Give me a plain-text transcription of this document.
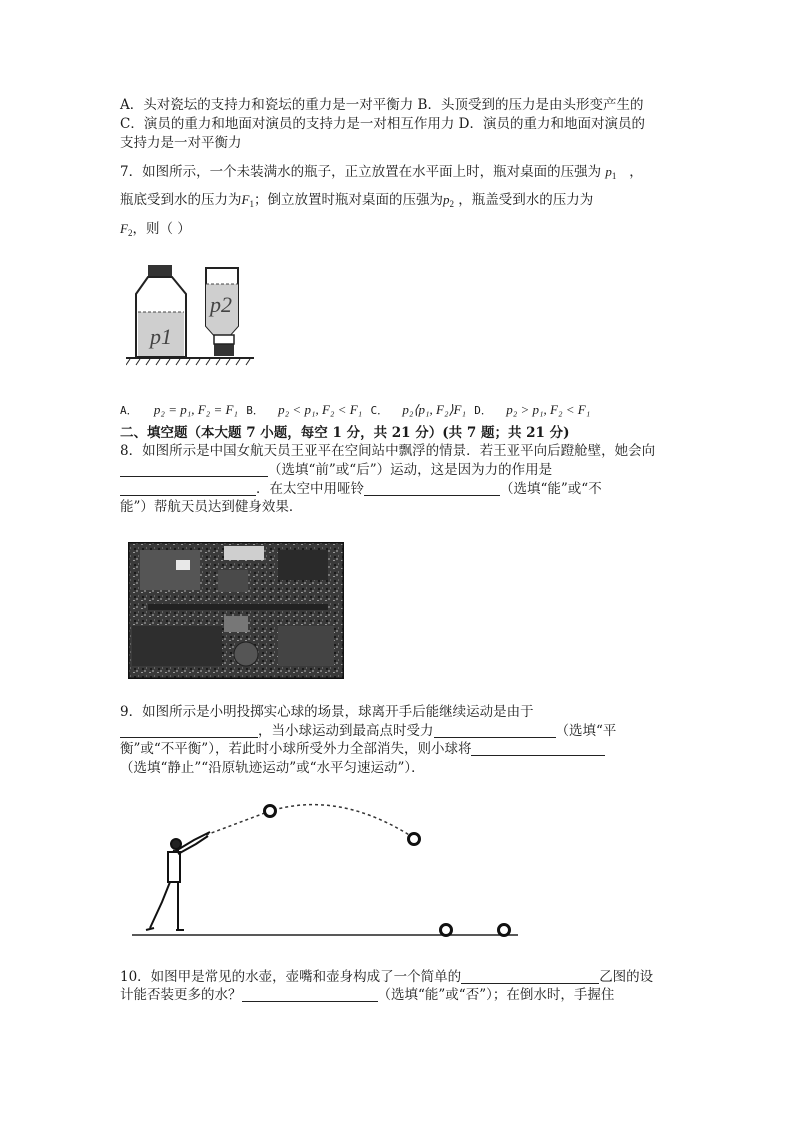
A．头对瓷坛的支持力和瓷坛的重力是一对平衡力 B．头顶受到的压力是由头形变产生的
C．演员的重力和地面对演员的支持力是一对相互作用力 D．演员的重力和地面对演员的
支持力是一对平衡力
7．如图所示，一个未装满水的瓶子，正立放置在水平面上时，瓶对桌面的压强为 $p_1$   ，
瓶底受到水的压力为$F_1$；倒立放置时瓶对桌面的压强为$p_2$ ，瓶盖受到水的压力为
$F_2$，则（ ）
p1
p2
A． p₂ = p₁, F₂ = F₁ B． p₂ < p₁, F₂ < F₁ C． p₂⟨p₁, F₂⟩F₁ D． p₂ > p₁, F₂ < F₁
二、填空题（本大题 7 小题，每空 1 分，共 21 分）(共 7 题；共 21 分)
8．如图所示是中国女航天员王亚平在空间站中飘浮的情景．若王亚平向后蹬舱壁，她会向
（选填“前”或“后”）运动，这是因为力的作用是
．在太空中用哑铃	（选填“能”或“不
能”）帮航天员达到健身效果．
9．如图所示是小明投掷实心球的场景，球离开手后能继续运动是由于
，当小球运动到最高点时受力	（选填“平
衡”或“不平衡”），若此时小球所受外力全部消失，则小球将
（选填“静止”“沿原轨迹运动”或“水平匀速运动”）．
10．如图甲是常见的水壶，壶嘴和壶身构成了一个简单的	乙图的设
计能否装更多的水？	（选填“能”或“否”）；在倒水时，手握住
